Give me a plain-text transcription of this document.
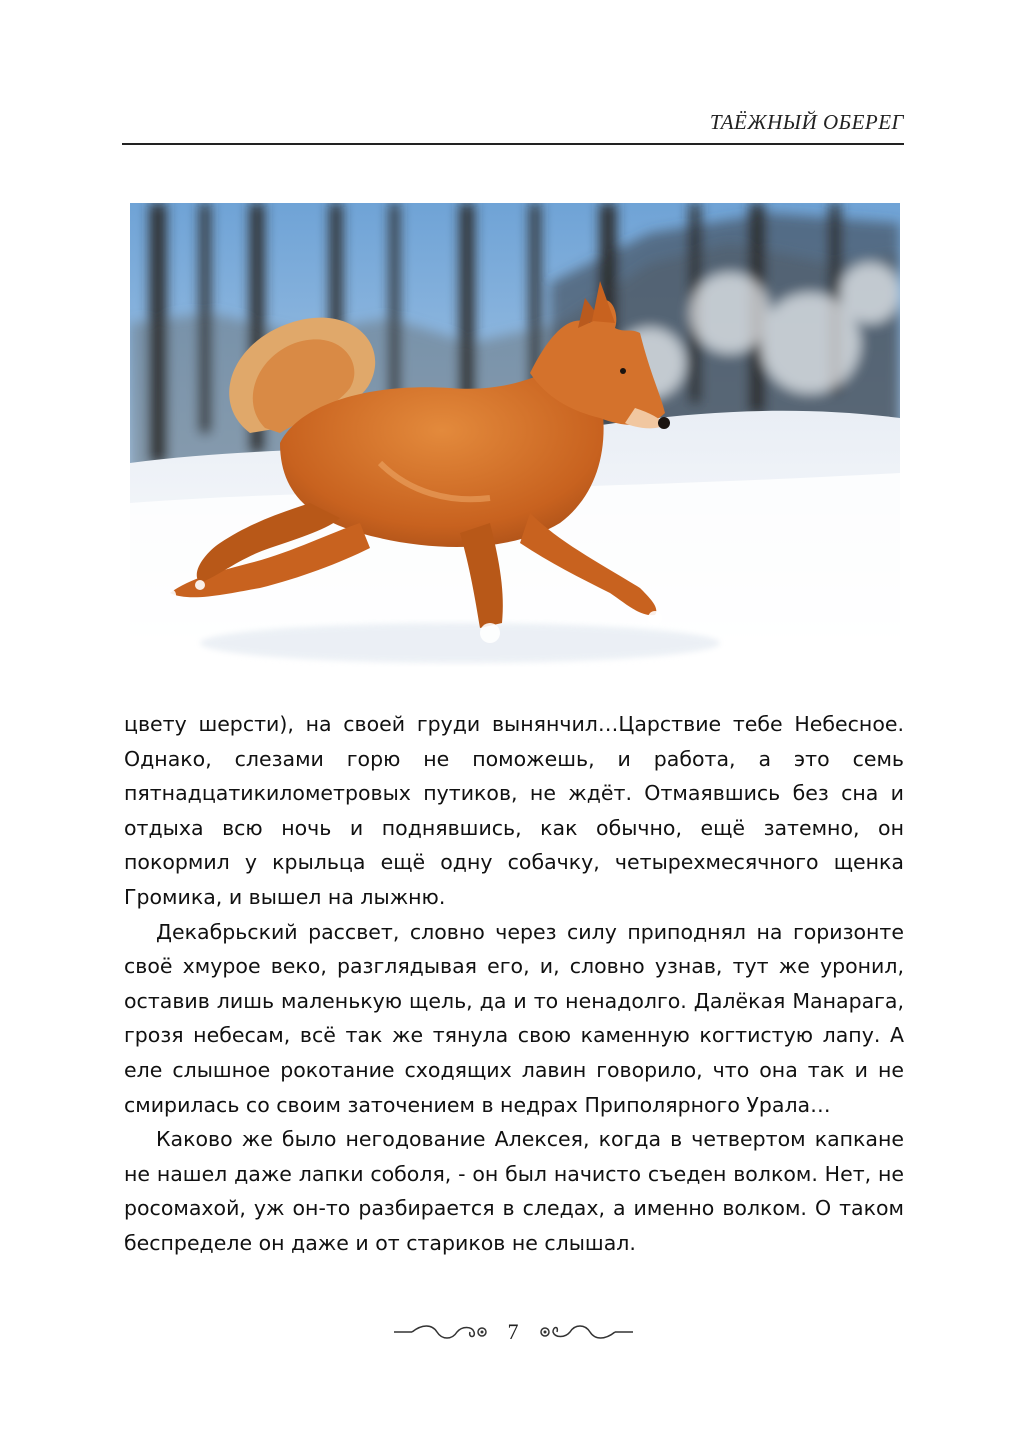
ТАЁЖНЫЙ ОБЕРЕГ

цвету шерсти), на своей груди вынянчил…Царствие тебе Небесное. Однако, слезами горю не поможешь, и работа, а это семь пятнадцатикилометровых путиков, не ждёт. Отмаявшись без сна и отдыха всю ночь и поднявшись, как обычно, ещё затемно, он покормил у крыльца ещё одну собачку, четырехмесячного щенка Громика, и вышел на лыжню.

Декабрьский рассвет, словно через силу приподнял на горизонте своё хмурое веко, разглядывая его, и, словно узнав, тут же уронил, оставив лишь маленькую щель, да и то ненадолго. Далёкая Манарага, грозя небесам, всё так же тянула свою каменную когтистую лапу. А еле слышное рокотание сходящих лавин говорило, что она так и не смирилась со своим заточением в недрах Приполярного Урала…

Каково же было негодование Алексея, когда в четвертом капкане не нашел даже лапки соболя, - он был начисто съеден волком. Нет, не росомахой, уж он-то разбирается в следах, а именно волком. О таком беспределе он даже и от стариков не слышал.

7
